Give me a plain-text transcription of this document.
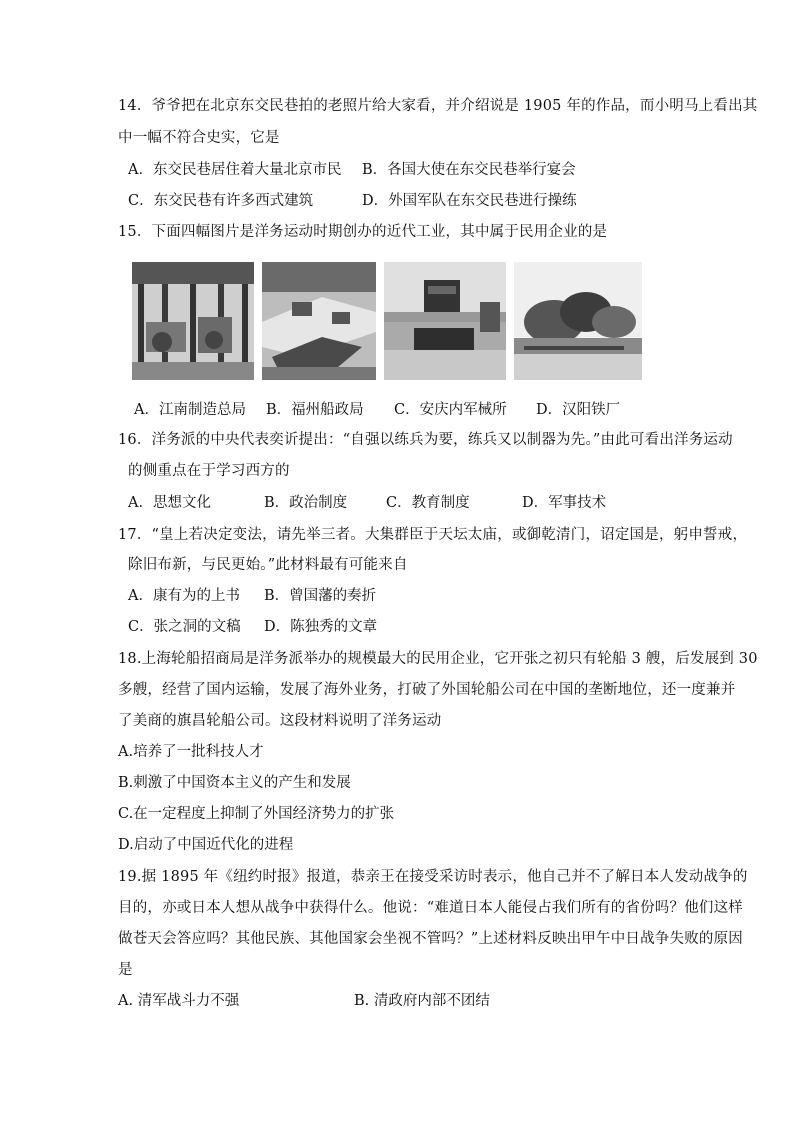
14．爷爷把在北京东交民巷拍的老照片给大家看，并介绍说是 1905 年的作品，而小明马上看出其
中一幅不符合史实，它是
A．东交民巷居住着大量北京市民 B．各国大使在东交民巷举行宴会
C．东交民巷有许多西式建筑	D．外国军队在东交民巷进行操练
15．下面四幅图片是洋务运动时期创办的近代工业，其中属于民用企业的是
A．江南制造总局 B．福州船政局 C．安庆内军械所 D．汉阳铁厂
16．洋务派的中央代表奕䜣提出：“自强以练兵为要，练兵又以制器为先。”由此可看出洋务运动
的侧重点在于学习西方的
A．思想文化	B．政治制度	C．教育制度	D．军事技术
17．“皇上若决定变法，请先举三者。大集群臣于天坛太庙，或御乾清门，诏定国是，躬申誓戒，
除旧布新，与民更始。”此材料最有可能来自
A．康有为的上书 B．曾国藩的奏折
C．张之洞的文稿 D．陈独秀的文章
18.上海轮船招商局是洋务派举办的规模最大的民用企业，它开张之初只有轮船 3 艘，后发展到 30
多艘，经营了国内运输，发展了海外业务，打破了外国轮船公司在中国的垄断地位，还一度兼并
了美商的旗昌轮船公司。这段材料说明了洋务运动
A.培养了一批科技人才
B.刺激了中国资本主义的产生和发展
C.在一定程度上抑制了外国经济势力的扩张
D.启动了中国近代化的进程
19.据 1895 年《纽约时报》报道，恭亲王在接受采访时表示，他自己并不了解日本人发动战争的
目的，亦或日本人想从战争中获得什么。他说：“难道日本人能侵占我们所有的省份吗？他们这样
做苍天会答应吗？其他民族、其他国家会坐视不管吗？”上述材料反映出甲午中日战争失败的原因
是
A. 清军战斗力不强	B. 清政府内部不团结
